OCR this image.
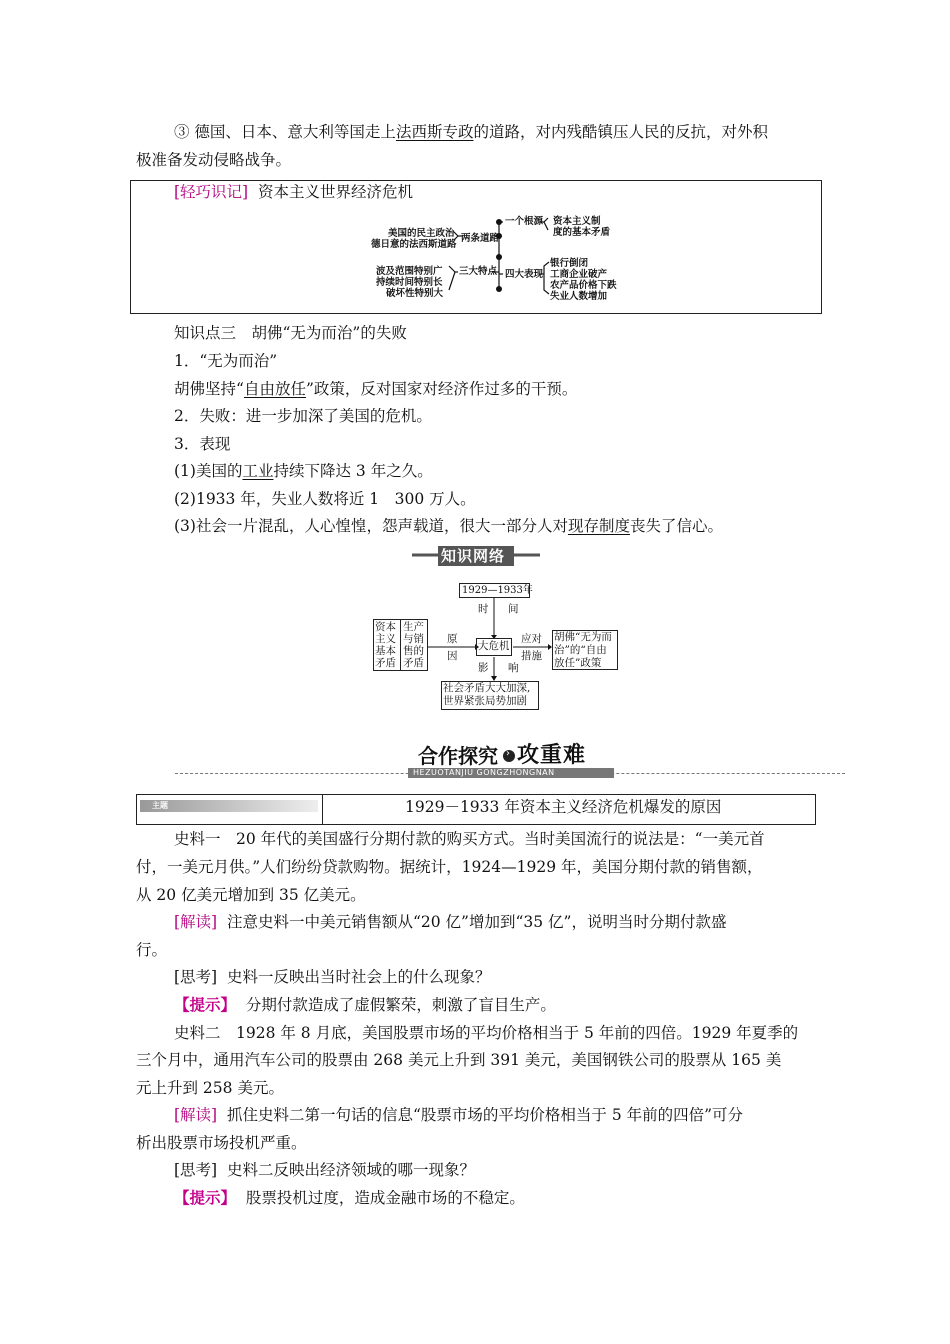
③ 德国、日本、意大利等国走上法西斯专政的道路，对内残酷镇压人民的反抗，对外积
极准备发动侵略战争。
[轻巧识记] 资本主义世界经济危机
美国的民主政治
德日意的法西斯道路
两条道路
一个根源 资本主义制
度的基本矛盾
波及范围特别广
持续时间特别长
破坏性特别大
三大特点 四大表现
银行倒闭
工商企业破产
农产品价格下跌
失业人数增加
知识点三　胡佛“无为而治”的失败
1．“无为而治”
胡佛坚持“自由放任”政策，反对国家对经济作过多的干预。
2．失败：进一步加深了美国的危机。
3．表现
(1)美国的工业持续下降达 3 年之久。
(2)1933 年，失业人数将近 1　300 万人。
(3)社会一片混乱，人心惶惶，怨声载道，很大一部分人对现存制度丧失了信心。
知识网络
1929—1933年
时 间
大危机
原
因
影 响
应对
措施
资本
主义
基本
矛盾
生产
与销
售的
矛盾
胡佛“无为而
治”的“自由
放任”政策
社会矛盾大大加深,
世界紧张局势加剧
合作探究 › 攻重难
HEZUOTANJIU GONGZHONGNAN
主题	1929－1933 年资本主义经济危机爆发的原因
史料一　20 年代的美国盛行分期付款的购买方式。当时美国流行的说法是：“一美元首
付，一美元月供。”人们纷纷贷款购物。据统计，1924—1929 年，美国分期付款的销售额，
从 20 亿美元增加到 35 亿美元。
[解读] 注意史料一中美元销售额从“20 亿”增加到“35 亿”，说明当时分期付款盛
行。
[思考] 史料一反映出当时社会上的什么现象？
【提示】 分期付款造成了虚假繁荣，刺激了盲目生产。
史料二　1928 年 8 月底，美国股票市场的平均价格相当于 5 年前的四倍。1929 年夏季的
三个月中，通用汽车公司的股票由 268 美元上升到 391 美元，美国钢铁公司的股票从 165 美
元上升到 258 美元。
[解读] 抓住史料二第一句话的信息“股票市场的平均价格相当于 5 年前的四倍”可分
析出股票市场投机严重。
[思考] 史料二反映出经济领域的哪一现象？
【提示】 股票投机过度，造成金融市场的不稳定。
